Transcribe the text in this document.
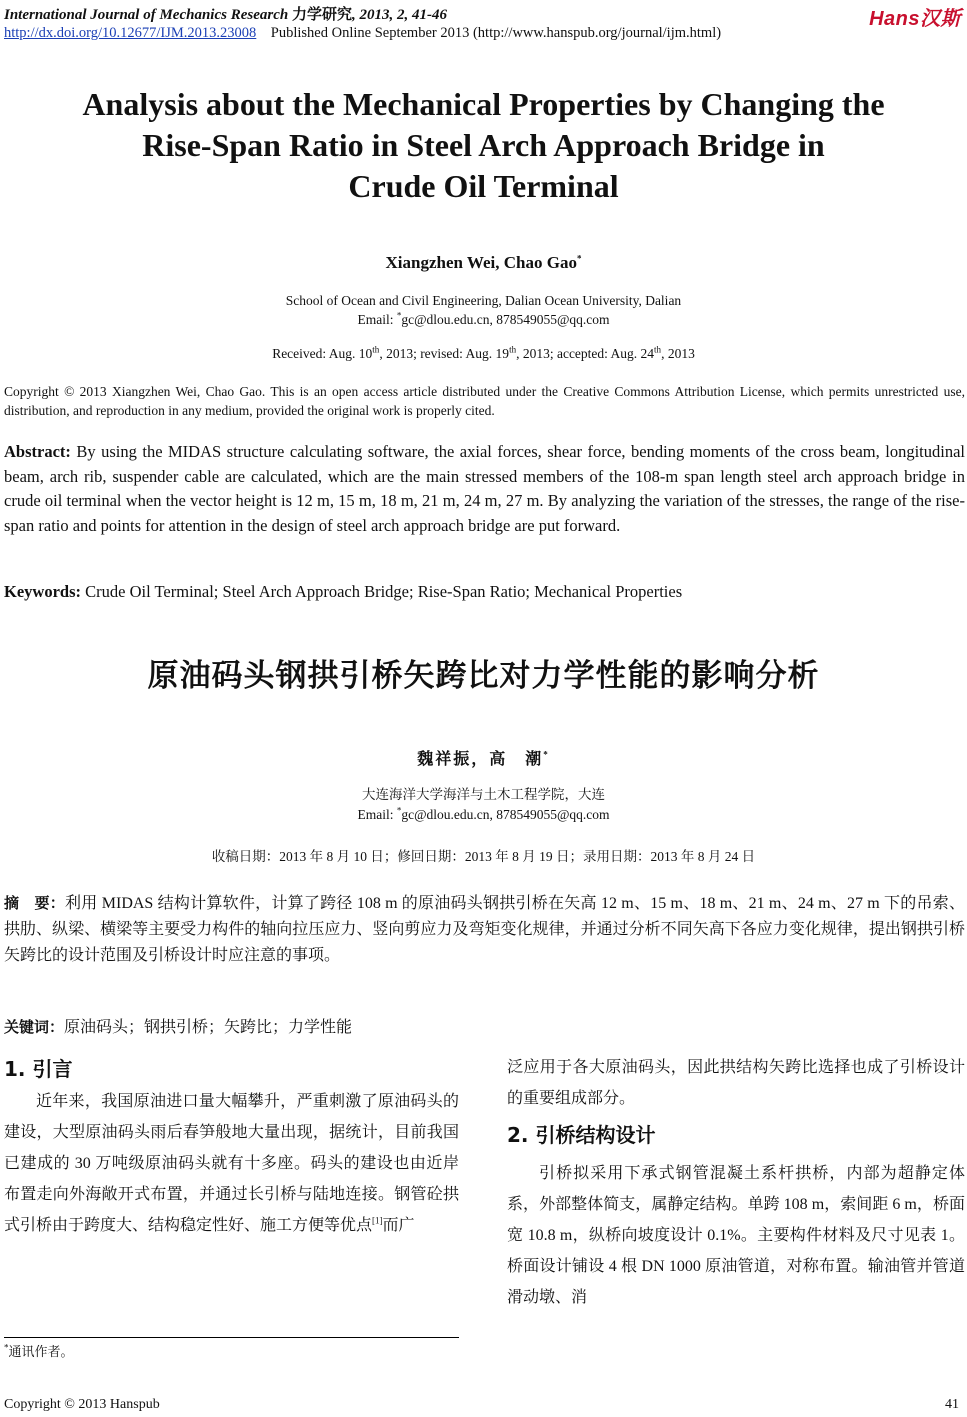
International Journal of Mechanics Research 力学研究, 2013, 2, 41-46
http://dx.doi.org/10.12677/IJM.2013.23008 Published Online September 2013 (http://www.hanspub.org/journal/ijm.html)
Hans汉斯
Analysis about the Mechanical Properties by Changing the
Rise-Span Ratio in Steel Arch Approach Bridge in
Crude Oil Terminal
Xiangzhen Wei, Chao Gao*
School of Ocean and Civil Engineering, Dalian Ocean University, Dalian
Email: *gc@dlou.edu.cn, 878549055@qq.com
Received: Aug. 10th, 2013; revised: Aug. 19th, 2013; accepted: Aug. 24th, 2013
Copyright © 2013 Xiangzhen Wei, Chao Gao. This is an open access article distributed under the Creative Commons Attribution License, which permits unrestricted use, distribution, and reproduction in any medium, provided the original work is properly cited.
Abstract: By using the MIDAS structure calculating software, the axial forces, shear force, bending moments of the cross beam, longitudinal beam, arch rib, suspender cable are calculated, which are the main stressed members of the 108-m span length steel arch approach bridge in crude oil terminal when the vector height is 12 m, 15 m, 18 m, 21 m, 24 m, 27 m. By analyzing the variation of the stresses, the range of the rise-span ratio and points for attention in the design of steel arch approach bridge are put forward.
Keywords: Crude Oil Terminal; Steel Arch Approach Bridge; Rise-Span Ratio; Mechanical Properties
原油码头钢拱引桥矢跨比对力学性能的影响分析
魏祥振，高　潮*
大连海洋大学海洋与土木工程学院，大连
Email: *gc@dlou.edu.cn, 878549055@qq.com
收稿日期：2013 年 8 月 10 日；修回日期：2013 年 8 月 19 日；录用日期：2013 年 8 月 24 日
摘　要：利用 MIDAS 结构计算软件，计算了跨径 108 m 的原油码头钢拱引桥在矢高 12 m、15 m、18 m、21 m、24 m、27 m 下的吊索、拱肋、纵梁、横梁等主要受力构件的轴向拉压应力、竖向剪应力及弯矩变化规律，并通过分析不同矢高下各应力变化规律，提出钢拱引桥矢跨比的设计范围及引桥设计时应注意的事项。
关键词：原油码头；钢拱引桥；矢跨比；力学性能
1. 引言

近年来，我国原油进口量大幅攀升，严重刺激了原油码头的建设，大型原油码头雨后春笋般地大量出现，据统计，目前我国已建成的 30 万吨级原油码头就有十多座。码头的建设也由近岸布置走向外海敞开式布置，并通过长引桥与陆地连接。钢管砼拱式引桥由于跨度大、结构稳定性好、施工方便等优点[1]而广

泛应用于各大原油码头，因此拱结构矢跨比选择也成了引桥设计的重要组成部分。

2. 引桥结构设计

引桥拟采用下承式钢管混凝土系杆拱桥，内部为超静定体系，外部整体简支，属静定结构。单跨 108 m，索间距 6 m，桥面宽 10.8 m，纵桥向坡度设计 0.1%。主要构件材料及尺寸见表 1。桥面设计铺设 4 根 DN 1000 原油管道，对称布置。输油管并管道滑动墩、消

*通讯作者。
Copyright © 2013 Hanspub	41
